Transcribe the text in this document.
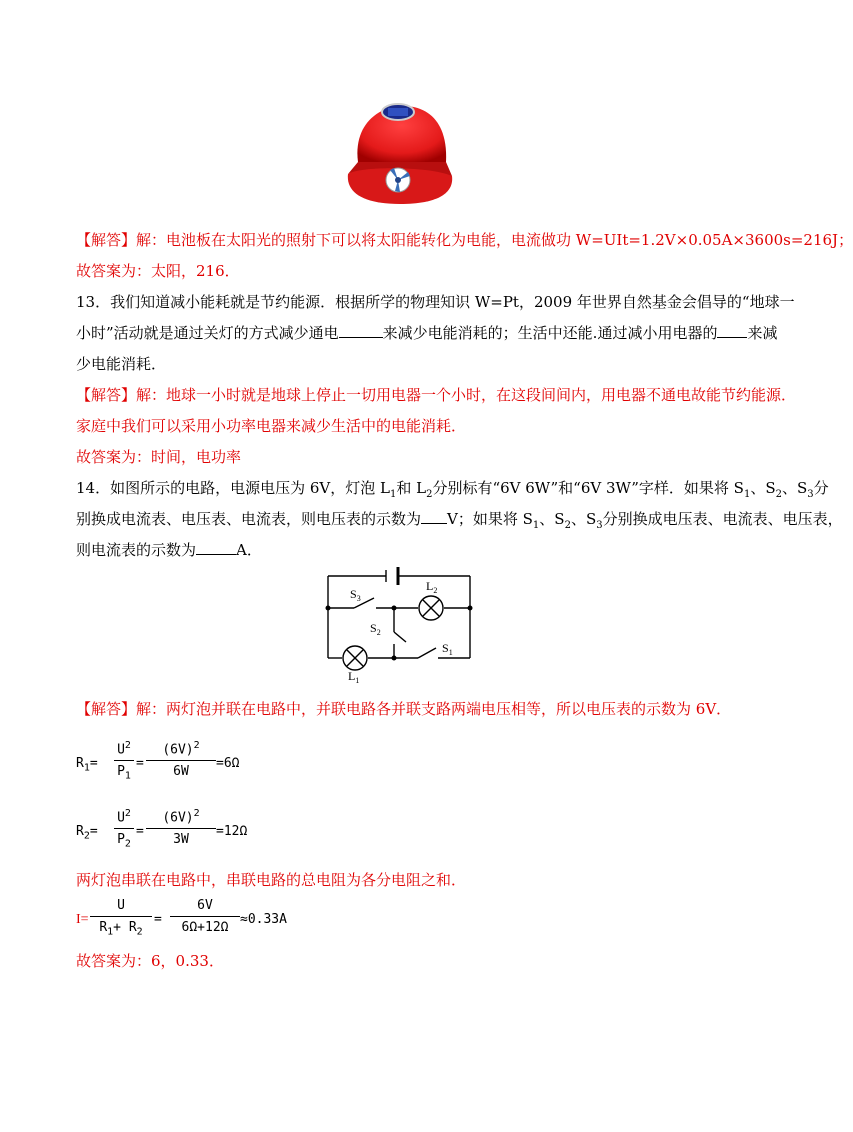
【解答】解：电池板在太阳光的照射下可以将太阳能转化为电能，电流做功 W=UIt=1.2V×0.05A×3600s=216J；
故答案为：太阳，216．
13．我们知道减小能耗就是节约能源．根据所学的物理知识 W=Pt，2009 年世界自然基金会倡导的“地球一
小时”活动就是通过关灯的方式减少通电	来减少电能消耗的；生活中还能.通过减小用电器的 来减
少电能消耗．
【解答】解：地球一小时就是地球上停止一切用电器一个小时，在这段间间内，用电器不通电故能节约能源．
家庭中我们可以采用小功率电器来减少生活中的电能消耗．
故答案为：时间，电功率
14．如图所示的电路，电源电压为 6V，灯泡 $L_1$和 $L_2$分别标有“6V 6W”和“6V 3W”字样．如果将 $S_1$、$S_2$、$S_3$分
别换成电流表、电压表、电流表，则电压表的示数为 V；如果将 $S_1$、$S_2$、$S_3$分别换成电压表、电流表、电压表，
则电流表的示数为	A．
$S_3$
$S_2$
$S_1$
$L_2$
$L_1$
【解答】解：两灯泡并联在电路中，并联电路各并联支路两端电压相等，所以电压表的示数为 6V．
$R_1=$
$U^2$
$P_1$
=
$(6V)^2$
6W
=6Ω
$R_2=$
$U^2$
$P_2$
=
$(6V)^2$
3W
=12Ω
两灯泡串联在电路中，串联电路的总电阻为各分电阻之和．
I=
U
$R_1+ R_2$
=
6V
6Ω+12Ω
≈0.33A
故答案为：6，0.33．
